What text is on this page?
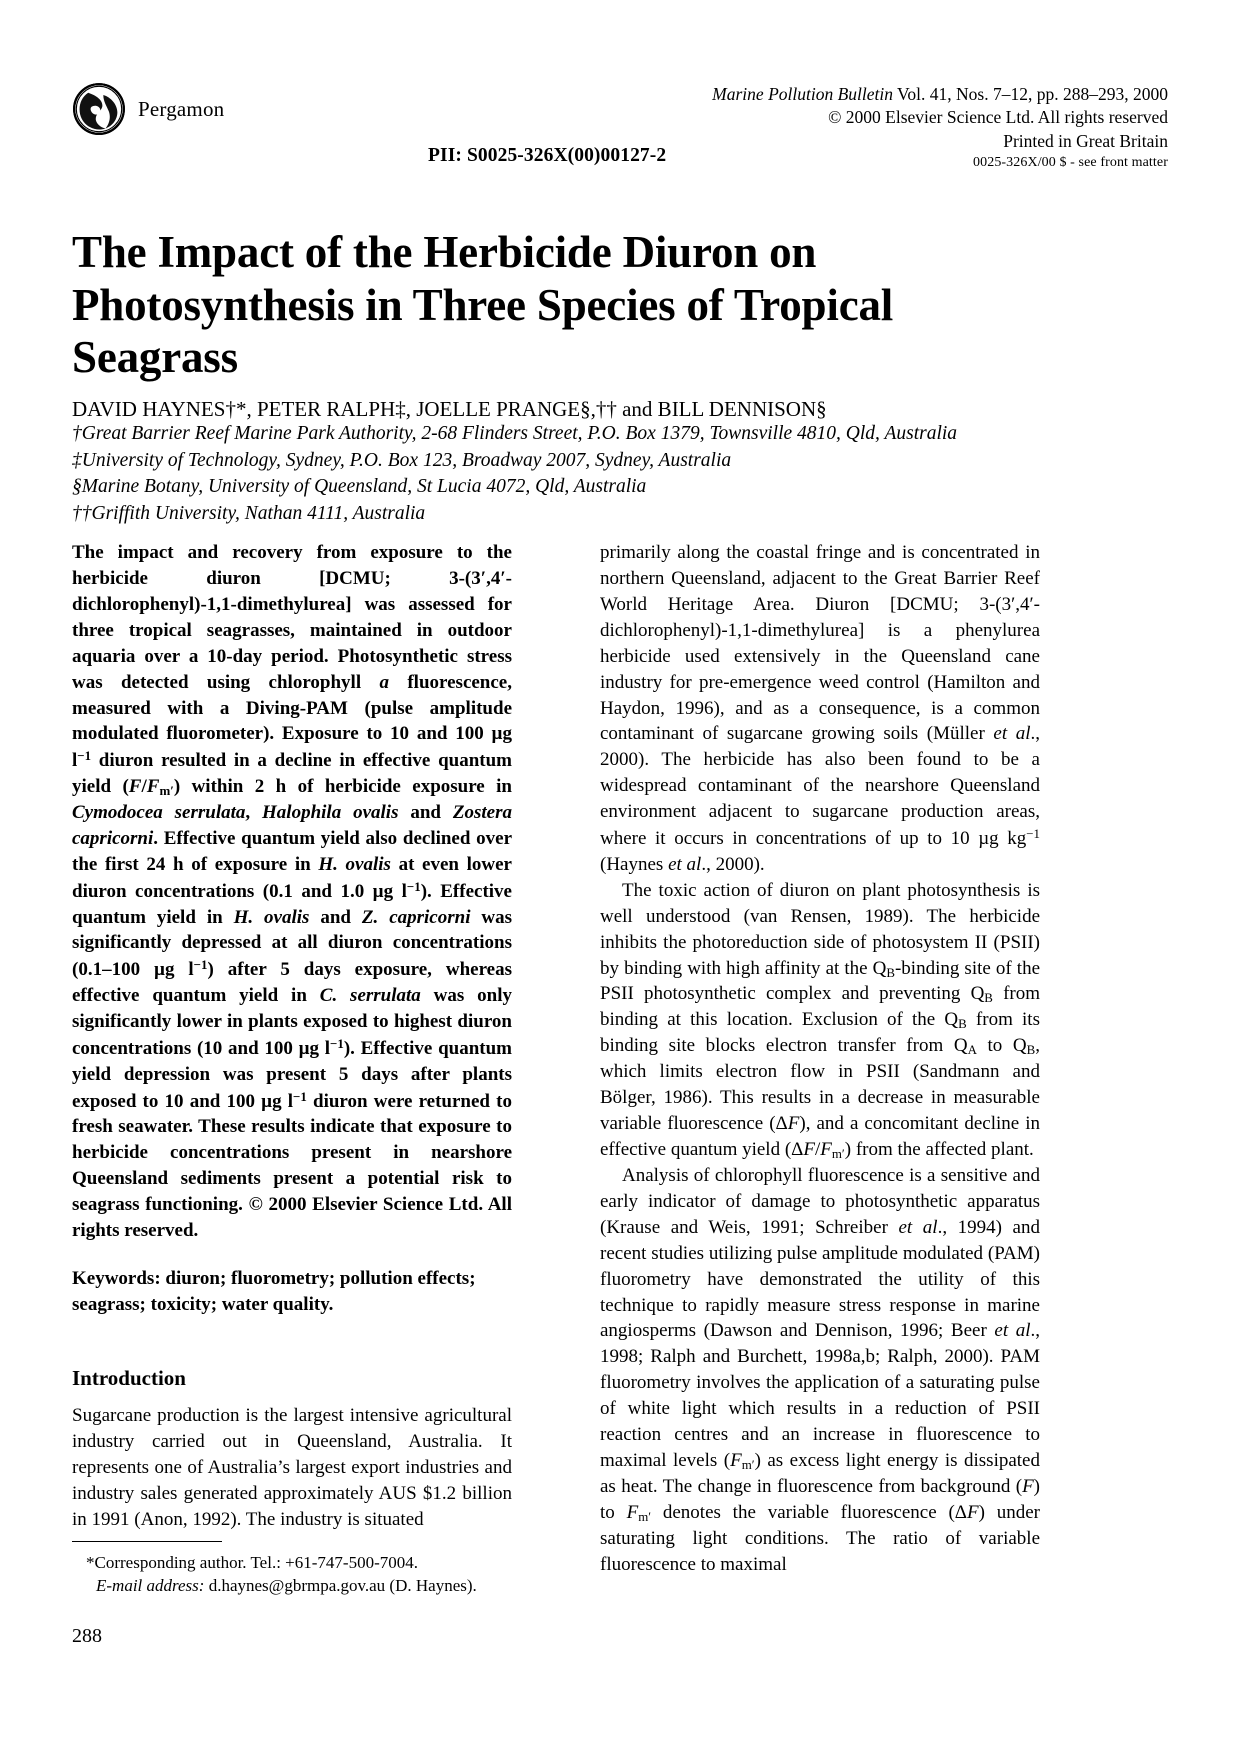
Pergamon
Marine Pollution Bulletin Vol. 41, Nos. 7–12, pp. 288–293, 2000
© 2000 Elsevier Science Ltd. All rights reserved
Printed in Great Britain
0025-326X/00 $ - see front matter
PII: S0025-326X(00)00127-2
The Impact of the Herbicide Diuron on Photosynthesis in Three Species of Tropical Seagrass
DAVID HAYNES†*, PETER RALPH‡, JOELLE PRANGE§,†† and BILL DENNISON§
†Great Barrier Reef Marine Park Authority, 2-68 Flinders Street, P.O. Box 1379, Townsville 4810, Qld, Australia
‡University of Technology, Sydney, P.O. Box 123, Broadway 2007, Sydney, Australia
§Marine Botany, University of Queensland, St Lucia 4072, Qld, Australia
††Griffith University, Nathan 4111, Australia

The impact and recovery from exposure to the herbicide diuron [DCMU; 3-(3′,4′-dichlorophenyl)-1,1-dimethylurea] was assessed for three tropical seagrasses, maintained in outdoor aquaria over a 10-day period. Photosynthetic stress was detected using chlorophyll a fluorescence, measured with a Diving-PAM (pulse amplitude modulated fluorometer). Exposure to 10 and 100 µg $l^{-1}$ diuron resulted in a decline in effective quantum yield $(F/F_{m'})$ within 2 h of herbicide exposure in Cymodocea serrulata, Halophila ovalis and Zostera capricorni. Effective quantum yield also declined over the first 24 h of exposure in H. ovalis at even lower diuron concentrations (0.1 and 1.0 µg $l^{-1}$). Effective quantum yield in H. ovalis and Z. capricorni was significantly depressed at all diuron concentrations (0.1–100 µg $l^{-1}$) after 5 days exposure, whereas effective quantum yield in C. serrulata was only significantly lower in plants exposed to highest diuron concentrations (10 and 100 µg $l^{-1}$). Effective quantum yield depression was present 5 days after plants exposed to 10 and 100 µg $l^{-1}$ diuron were returned to fresh seawater. These results indicate that exposure to herbicide concentrations present in nearshore Queensland sediments present a potential risk to seagrass functioning. © 2000 Elsevier Science Ltd. All rights reserved.

Keywords: diuron; fluorometry; pollution effects; seagrass; toxicity; water quality.

Introduction

Sugarcane production is the largest intensive agricultural industry carried out in Queensland, Australia. It represents one of Australia’s largest export industries and industry sales generated approximately AUS $1.2 billion in 1991 (Anon, 1992). The industry is situated

primarily along the coastal fringe and is concentrated in northern Queensland, adjacent to the Great Barrier Reef World Heritage Area. Diuron [DCMU; 3-(3′,4′-dichlorophenyl)-1,1-dimethylurea] is a phenylurea herbicide used extensively in the Queensland cane industry for pre-emergence weed control (Hamilton and Haydon, 1996), and as a consequence, is a common contaminant of sugarcane growing soils (Müller et al., 2000). The herbicide has also been found to be a widespread contaminant of the nearshore Queensland environment adjacent to sugarcane production areas, where it occurs in concentrations of up to 10 µg $kg^{-1}$ (Haynes et al., 2000).

The toxic action of diuron on plant photosynthesis is well understood (van Rensen, 1989). The herbicide inhibits the photoreduction side of photosystem II (PSII) by binding with high affinity at the $Q_B$-binding site of the PSII photosynthetic complex and preventing $Q_B$ from binding at this location. Exclusion of the $Q_B$ from its binding site blocks electron transfer from $Q_A$ to $Q_B$, which limits electron flow in PSII (Sandmann and Bölger, 1986). This results in a decrease in measurable variable fluorescence (ΔF), and a concomitant decline in effective quantum yield $(\Delta F/F_{m'})$ from the affected plant.

Analysis of chlorophyll fluorescence is a sensitive and early indicator of damage to photosynthetic apparatus (Krause and Weis, 1991; Schreiber et al., 1994) and recent studies utilizing pulse amplitude modulated (PAM) fluorometry have demonstrated the utility of this technique to rapidly measure stress response in marine angiosperms (Dawson and Dennison, 1996; Beer et al., 1998; Ralph and Burchett, 1998a,b; Ralph, 2000). PAM fluorometry involves the application of a saturating pulse of white light which results in a reduction of PSII reaction centres and an increase in fluorescence to maximal levels $(F_{m'})$ as excess light energy is dissipated as heat. The change in fluorescence from background (F) to $F_{m'}$ denotes the variable fluorescence (ΔF) under saturating light conditions. The ratio of variable fluorescence to maximal

*Corresponding author. Tel.: +61-747-500-7004.
E-mail address: d.haynes@gbrmpa.gov.au (D. Haynes).
288
